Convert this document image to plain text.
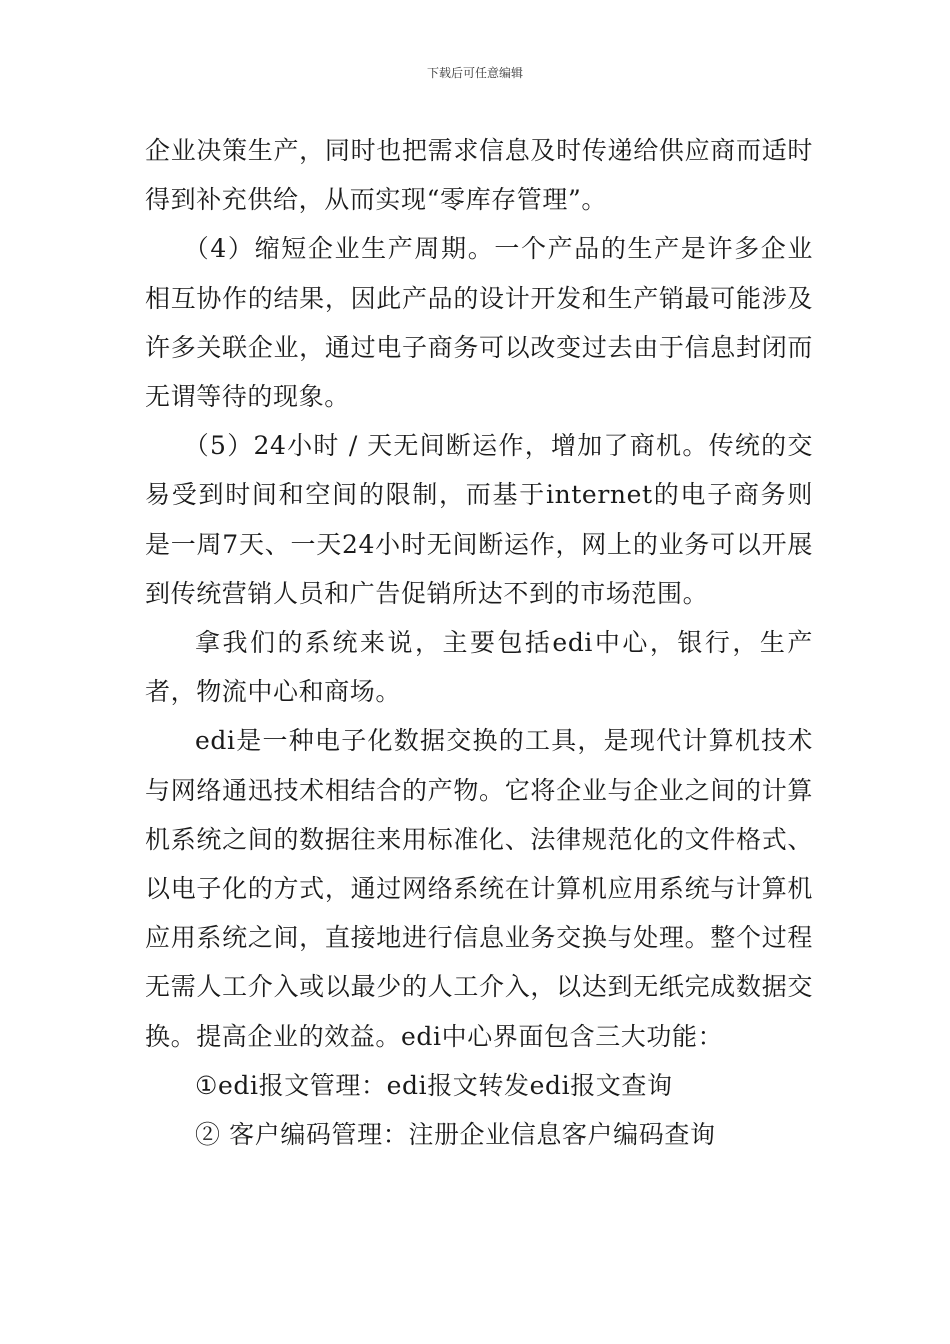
下载后可任意编辑

企业决策生产，同时也把需求信息及时传递给供应商而适时得到补充供给，从而实现“零库存管理”。

（4）缩短企业生产周期。一个产品的生产是许多企业相互协作的结果，因此产品的设计开发和生产销最可能涉及许多关联企业，通过电子商务可以改变过去由于信息封闭而无谓等待的现象。

（5）24小时 / 天无间断运作，增加了商机。传统的交易受到时间和空间的限制，而基于internet的电子商务则是一周7天、一天24小时无间断运作，网上的业务可以开展到传统营销人员和广告促销所达不到的市场范围。

拿我们的系统来说，主要包括edi中心，银行，生产者，物流中心和商场。

edi是一种电子化数据交换的工具，是现代计算机技术与网络通迅技术相结合的产物。它将企业与企业之间的计算机系统之间的数据往来用标准化、法律规范化的文件格式、以电子化的方式，通过网络系统在计算机应用系统与计算机应用系统之间，直接地进行信息业务交换与处理。整个过程无需人工介入或以最少的人工介入，以达到无纸完成数据交换。提高企业的效益。edi中心界面包含三大功能：

①edi报文管理：edi报文转发edi报文查询

② 客户编码管理：注册企业信息客户编码查询
